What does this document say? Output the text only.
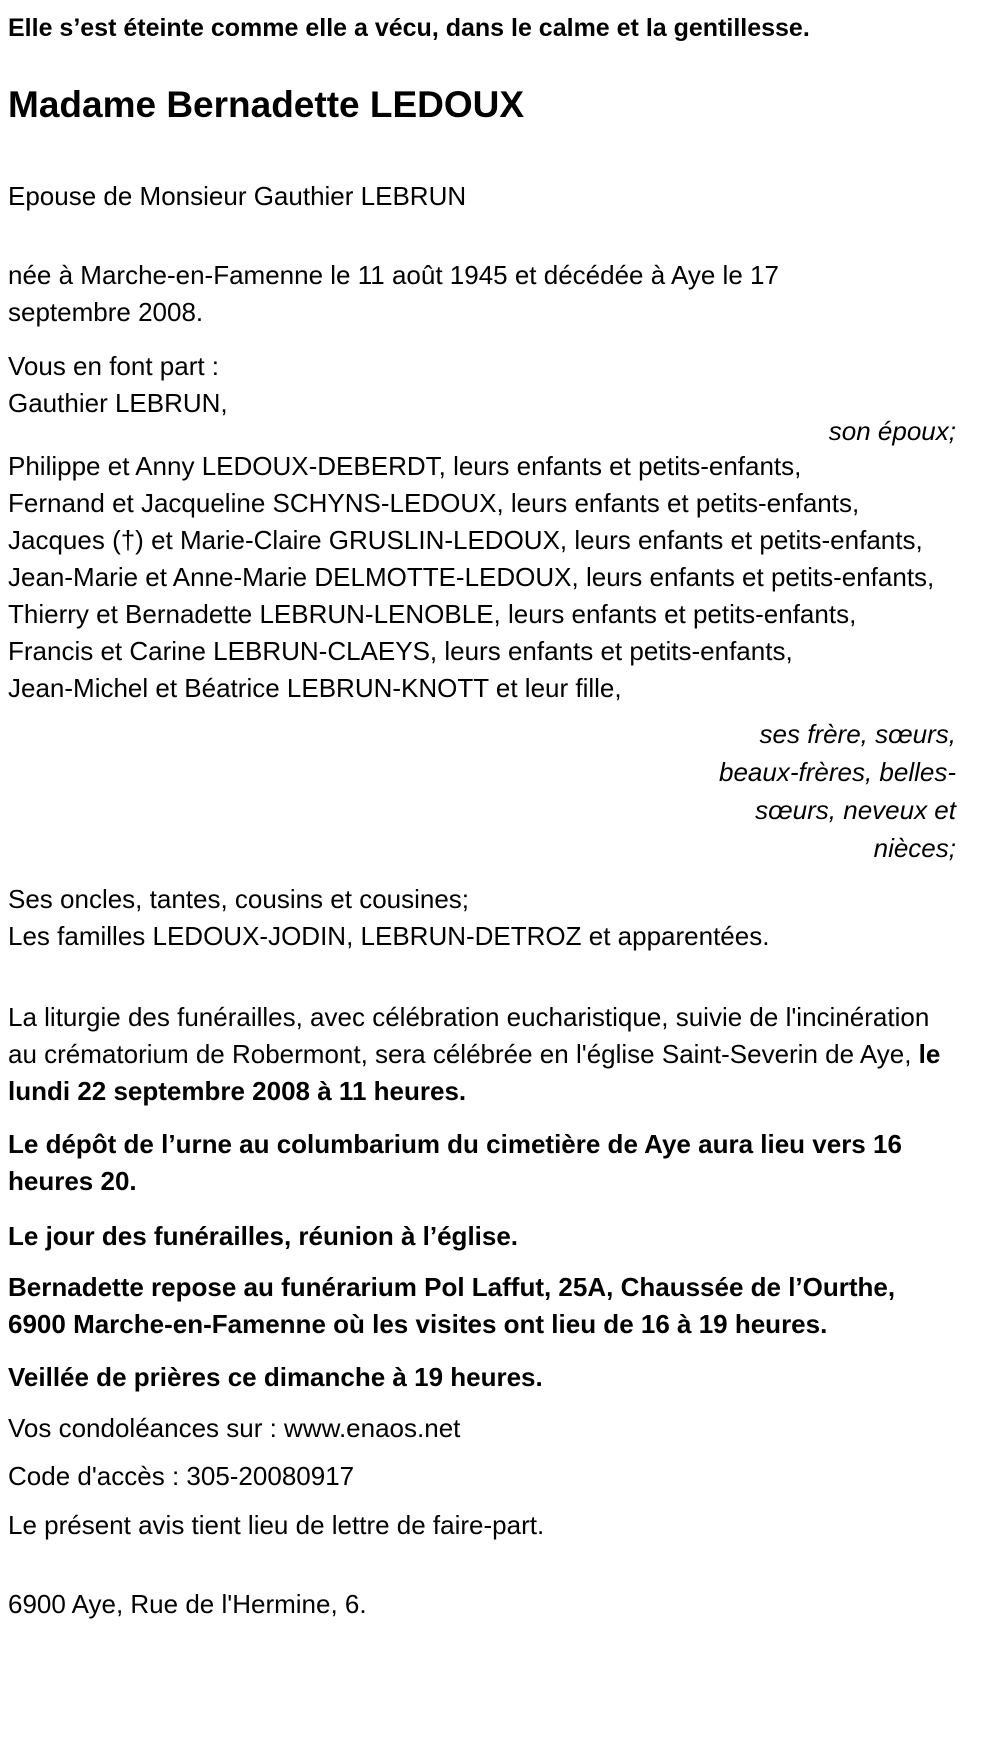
Elle s’est éteinte comme elle a vécu, dans le calme et la gentillesse.

Madame Bernadette LEDOUX

Epouse de Monsieur Gauthier LEBRUN

née à Marche-en-Famenne le 11 août 1945 et décédée à Aye le 17 septembre 2008.

Vous en font part :

Gauthier LEBRUN,

son époux;

Philippe et Anny LEDOUX-DEBERDT, leurs enfants et petits-enfants,

Fernand et Jacqueline SCHYNS-LEDOUX, leurs enfants et petits-enfants,

Jacques (†) et Marie-Claire GRUSLIN-LEDOUX, leurs enfants et petits-enfants,

Jean-Marie et Anne-Marie DELMOTTE-LEDOUX, leurs enfants et petits-enfants,

Thierry et Bernadette LEBRUN-LENOBLE, leurs enfants et petits-enfants,

Francis et Carine LEBRUN-CLAEYS, leurs enfants et petits-enfants,

Jean-Michel et Béatrice LEBRUN-KNOTT et leur fille,

ses frère, sœurs, beaux-frères, belles-sœurs, neveux et nièces;

Ses oncles, tantes, cousins et cousines;

Les familles LEDOUX-JODIN, LEBRUN-DETROZ et apparentées.

La liturgie des funérailles, avec célébration eucharistique, suivie de l'incinération au crématorium de Robermont, sera célébrée en l'église Saint-Severin de Aye, le lundi 22 septembre 2008 à 11 heures.

Le dépôt de l’urne au columbarium du cimetière de Aye aura lieu vers 16 heures 20.

Le jour des funérailles, réunion à l’église.

Bernadette repose au funérarium Pol Laffut, 25A, Chaussée de l’Ourthe, 6900 Marche-en-Famenne où les visites ont lieu de 16 à 19 heures.

Veillée de prières ce dimanche à 19 heures.

Vos condoléances sur : www.enaos.net

Code d'accès : 305-20080917

Le présent avis tient lieu de lettre de faire-part.

6900 Aye, Rue de l'Hermine, 6.
